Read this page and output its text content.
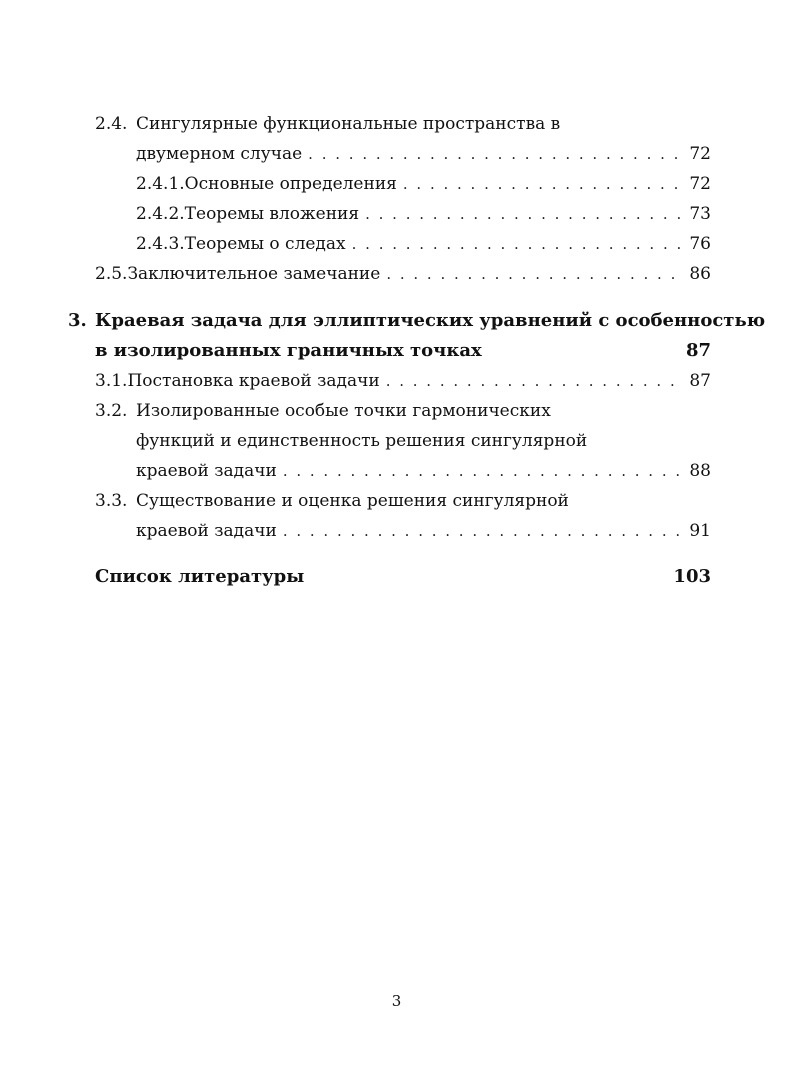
2.4. Сингулярные функциональные пространства в
двумерном случае . . .	72
2.4.1. Основные определения . . .	72
2.4.2. Теоремы вложения . . .	73
2.4.3. Теоремы о следах . . .	76
2.5. Заключительное замечание . . .	86
3. Краевая задача для эллиптических уравнений с особенностью
в изолированных граничных точках	87
3.1. Постановка краевой задачи . . .	87
3.2. Изолированные особые точки гармонических
функций и единственность решения сингулярной
краевой задачи . . .	88
3.3. Существование и оценка решения сингулярной
краевой задачи . . .	91
Список литературы	103
3
